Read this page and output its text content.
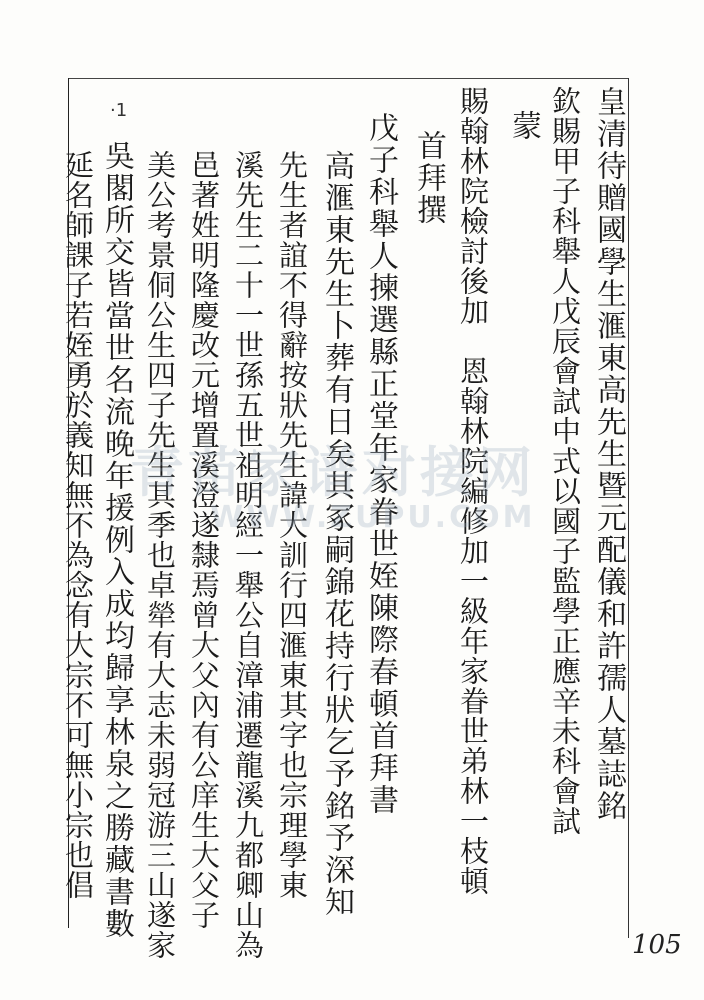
·1	皇清待贈國學生滙東高先生暨元配儀和許孺人墓誌銘
欽賜甲子科舉人戊辰會試中式以國子監學正應辛未科會試
蒙
賜翰林院檢討後加　恩翰林院編修加一級年家眷世弟林一枝頓
首拜撰
戊子科舉人揀選縣正堂年家眷世姪陳際春頓首拜書
高滙東先生卜葬有日矣其冢嗣錦花持行狀乞予銘予深知
先生者誼不得辭按狀先生諱大訓行四滙東其字也宗理學東
溪先生二十一世孫五世祖明經一舉公自漳浦遷龍溪九都卿山為
邑著姓明隆慶改元增置溪澄遂隸焉曾大父內有公庠生大父子
美公考景侗公生四子先生其季也卓犖有大志未弱冠游三山遂家
吳閣所交皆當世名流晚年援例入成均歸享林泉之勝藏書數
延名師課子若姪勇於義知無不為念有大宗不可無小宗也倡 青苗家谱对接网
WWW.ZUPU.COM
105
